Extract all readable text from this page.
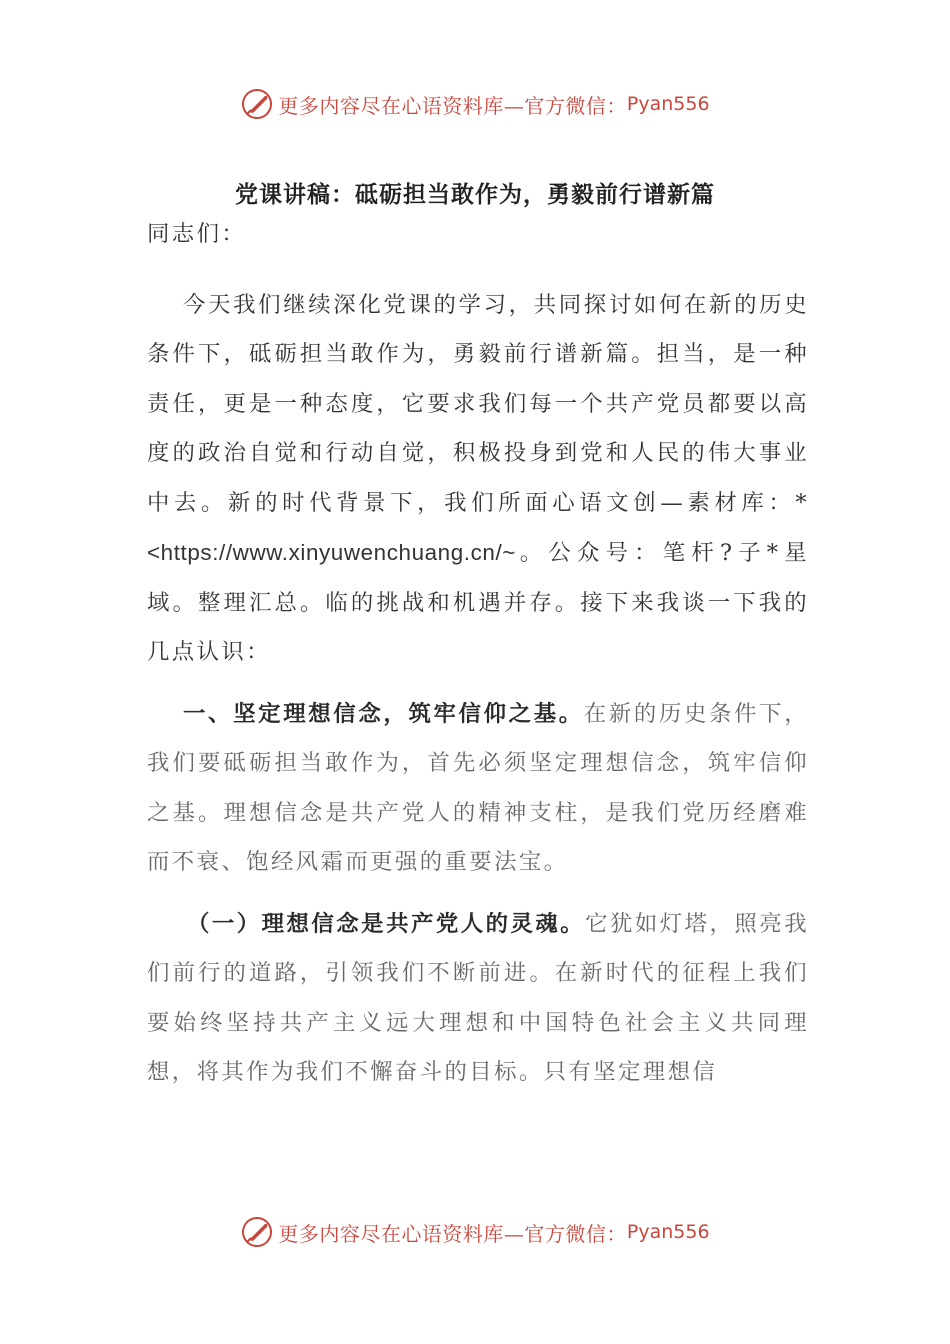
更多内容尽在心语资料库—官方微信： Pyan556
党课讲稿：砥砺担当敢作为，勇毅前行谱新篇

同志们：

今天我们继续深化党课的学习，共同探讨如何在新的历史条件下，砥砺担当敢作为，勇毅前行谱新篇。担当，是一种责任，更是一种态度，它要求我们每一个共产党员都要以高度的政治自觉和行动自觉，积极投身到党和人民的伟大事业中去。新的时代背景下，我们所面心语文创—素材库：*<https://www.xinyuwenchuang.cn/~。公众号：笔杆?子*星域。整理汇总。临的挑战和机遇并存。接下来我谈一下我的几点认识：

一、坚定理想信念，筑牢信仰之基。在新的历史条件下，我们要砥砺担当敢作为，首先必须坚定理想信念，筑牢信仰之基。理想信念是共产党人的精神支柱，是我们党历经磨难而不衰、饱经风霜而更强的重要法宝。

（一）理想信念是共产党人的灵魂。它犹如灯塔，照亮我们前行的道路，引领我们不断前进。在新时代的征程上我们要始终坚持共产主义远大理想和中国特色社会主义共同理想，将其作为我们不懈奋斗的目标。只有坚定理想信

更多内容尽在心语资料库—官方微信： Pyan556
